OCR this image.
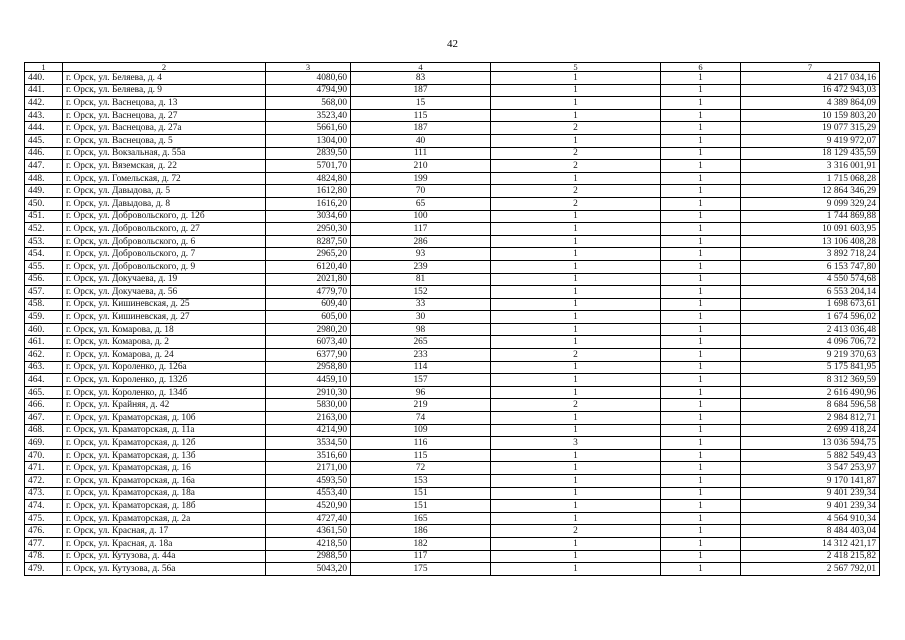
42
1	2	3	4	5	6	7
440.	г. Орск, ул. Беляева, д. 4	4080,60	83	1	1	4 217 034,16
441.	г. Орск, ул. Беляева, д. 9	4794,90	187	1	1	16 472 943,03
442.	г. Орск, ул. Васнецова, д. 13	568,00	15	1	1	4 389 864,09
443.	г. Орск, ул. Васнецова, д. 27	3523,40	115	1	1	10 159 803,20
444.	г. Орск, ул. Васнецова, д. 27а	5661,60	187	2	1	19 077 315,29
445.	г. Орск, ул. Васнецова, д. 5	1304,00	40	1	1	9 419 972,07
446.	г. Орск, ул. Вокзальная, д. 55а	2839,50	111	2	1	18 129 435,59
447.	г. Орск, ул. Вяземская, д. 22	5701,70	210	2	1	3 316 001,91
448.	г. Орск, ул. Гомельская, д. 72	4824,80	199	1	1	1 715 068,28
449.	г. Орск, ул. Давыдова, д. 5	1612,80	70	2	1	12 864 346,29
450.	г. Орск, ул. Давыдова, д. 8	1616,20	65	2	1	9 099 329,24
451.	г. Орск, ул. Добровольского, д. 12б	3034,60	100	1	1	1 744 869,88
452.	г. Орск, ул. Добровольского, д. 27	2950,30	117	1	1	10 091 603,95
453.	г. Орск, ул. Добровольского, д. 6	8287,50	286	1	1	13 106 408,28
454.	г. Орск, ул. Добровольского, д. 7	2965,20	93	1	1	3 892 718,24
455.	г. Орск, ул. Добровольского, д. 9	6120,40	239	1	1	6 153 747,80
456.	г. Орск, ул. Докучаева, д. 19	2021,80	81	1	1	4 550 574,68
457.	г. Орск, ул. Докучаева, д. 56	4779,70	152	1	1	6 553 204,14
458.	г. Орск, ул. Кишиневская, д. 25	609,40	33	1	1	1 698 673,61
459.	г. Орск, ул. Кишиневская, д. 27	605,00	30	1	1	1 674 596,02
460.	г. Орск, ул. Комарова, д. 18	2980,20	98	1	1	2 413 036,48
461.	г. Орск, ул. Комарова, д. 2	6073,40	265	1	1	4 096 706,72
462.	г. Орск, ул. Комарова, д. 24	6377,90	233	2	1	9 219 370,63
463.	г. Орск, ул. Короленко, д. 126а	2958,80	114	1	1	5 175 841,95
464.	г. Орск, ул. Короленко, д. 132б	4459,10	157	1	1	8 312 369,59
465.	г. Орск, ул. Короленко, д. 134б	2910,30	96	1	1	2 616 490,96
466.	г. Орск, ул. Крайняя, д. 42	5830,00	219	2	1	8 684 596,58
467.	г. Орск, ул. Краматорская, д. 10б	2163,00	74	1	1	2 984 812,71
468.	г. Орск, ул. Краматорская, д. 11а	4214,90	109	1	1	2 699 418,24
469.	г. Орск, ул. Краматорская, д. 12б	3534,50	116	3	1	13 036 594,75
470.	г. Орск, ул. Краматорская, д. 13б	3516,60	115	1	1	5 882 549,43
471.	г. Орск, ул. Краматорская, д. 16	2171,00	72	1	1	3 547 253,97
472.	г. Орск, ул. Краматорская, д. 16а	4593,50	153	1	1	9 170 141,87
473.	г. Орск, ул. Краматорская, д. 18а	4553,40	151	1	1	9 401 239,34
474.	г. Орск, ул. Краматорская, д. 18б	4520,90	151	1	1	9 401 239,34
475.	г. Орск, ул. Краматорская, д. 2а	4727,40	165	1	1	4 564 910,34
476.	г. Орск, ул. Красная, д. 17	4361,50	186	2	1	8 484 403,04
477.	г. Орск, ул. Красная, д. 18а	4218,50	182	1	1	14 312 421,17
478.	г. Орск, ул. Кутузова, д. 44а	2988,50	117	1	1	2 418 215,82
479.	г. Орск, ул. Кутузова, д. 56а	5043,20	175	1	1	2 567 792,01
